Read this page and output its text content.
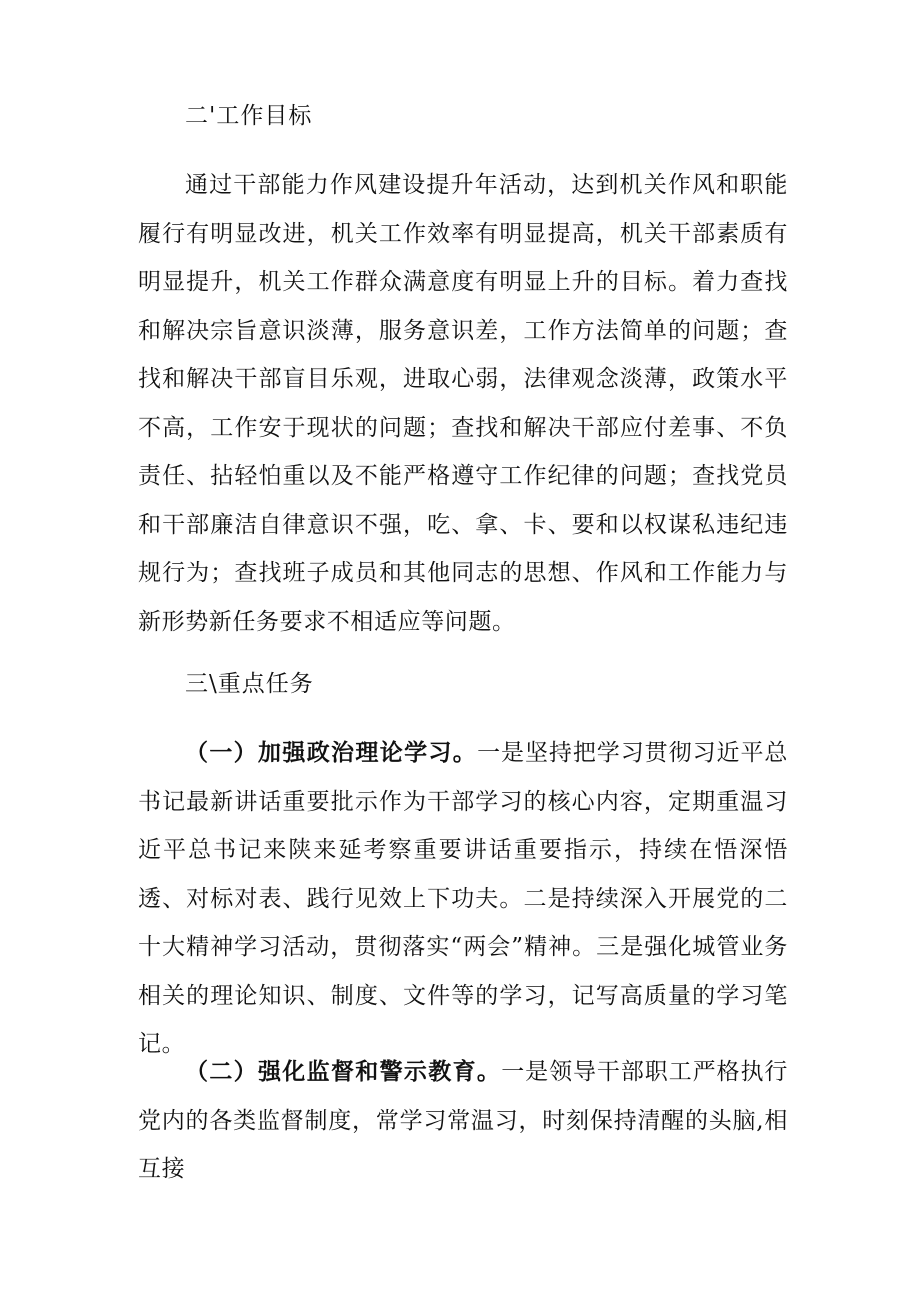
二'工作目标

通过干部能力作风建设提升年活动，达到机关作风和职能履行有明显改进，机关工作效率有明显提高，机关干部素质有明显提升，机关工作群众满意度有明显上升的目标。着力查找和解决宗旨意识淡薄，服务意识差，工作方法简单的问题；查找和解决干部盲目乐观，进取心弱，法律观念淡薄，政策水平不高，工作安于现状的问题；查找和解决干部应付差事、不负责任、拈轻怕重以及不能严格遵守工作纪律的问题；查找党员和干部廉洁自律意识不强，吃、拿、卡、要和以权谋私违纪违规行为；查找班子成员和其他同志的思想、作风和工作能力与新形势新任务要求不相适应等问题。

三\重点任务

（一）加强政治理论学习。一是坚持把学习贯彻习近平总书记最新讲话重要批示作为干部学习的核心内容，定期重温习近平总书记来陕来延考察重要讲话重要指示，持续在悟深悟透、对标对表、践行见效上下功夫。二是持续深入开展党的二十大精神学习活动，贯彻落实“两会”精神。三是强化城管业务相关的理论知识、制度、文件等的学习，记写高质量的学习笔记。

（二）强化监督和警示教育。一是领导干部职工严格执行党内的各类监督制度，常学习常温习，时刻保持清醒的头脑,相互接
